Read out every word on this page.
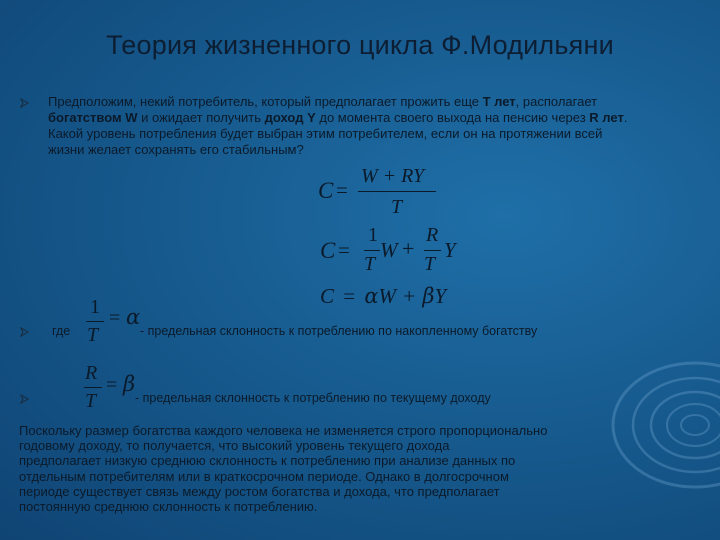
Теория жизненного цикла Ф.Модильяни
Предположим, некий потребитель, который предполагает прожить еще T лет, располагает богатством W и ожидает получить доход Y до момента своего выхода на пенсию через R лет. Какой уровень потребления будет выбран этим потребителем, если он на протяжении всей жизни желает сохранять его стабильным?
C =
W + RY
T
C =
1
T
W +
R
T
Y
C = αW + βY
где
1
T
= α
- предельная склонность к потреблению по накопленному богатству
R
T
= β
- предельная склонность к потреблению по текущему доходу
Поскольку размер богатства каждого человека не изменяется строго пропорционально
годовому доходу, то получается, что высокий уровень текущего дохода
предполагает низкую среднюю склонность к потреблению при анализе данных по
отдельным потребителям или в краткосрочном периоде. Однако в долгосрочном
периоде существует связь между ростом богатства и дохода, что предполагает
постоянную среднюю склонность к потреблению.
